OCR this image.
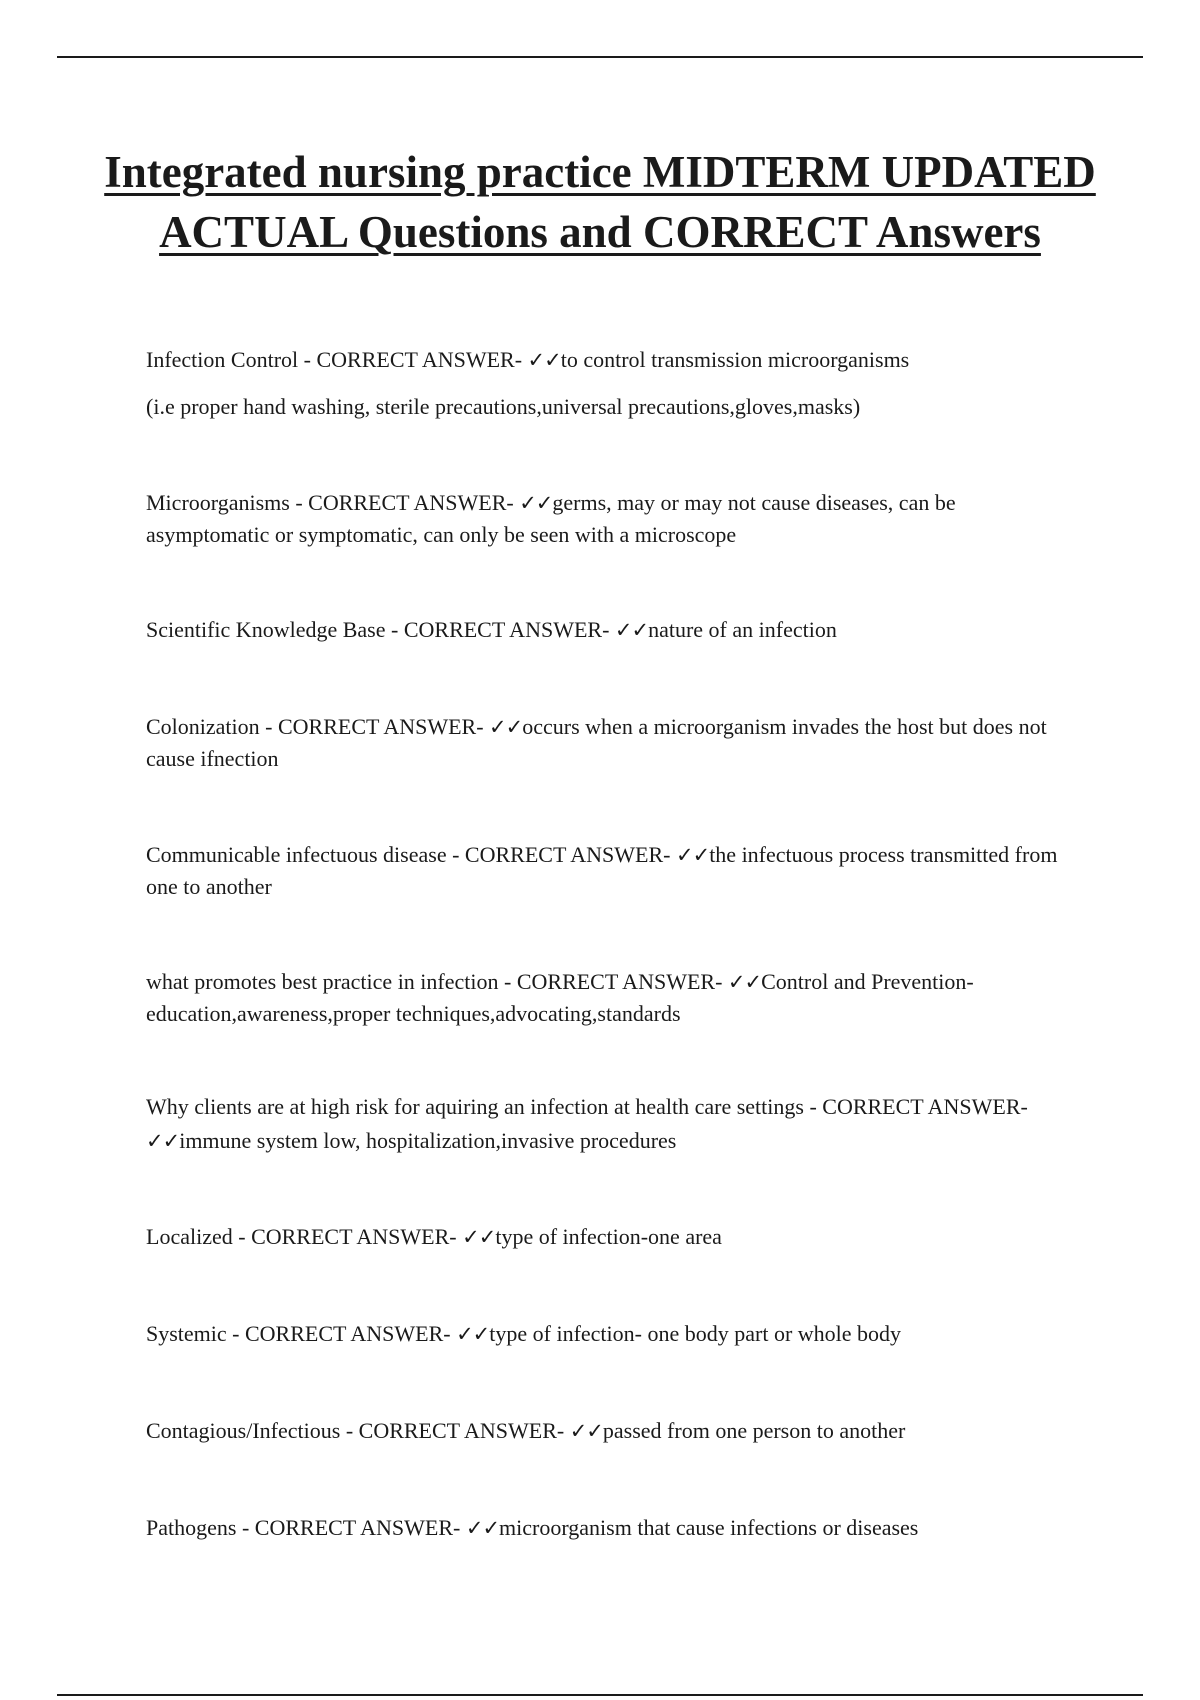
Integrated nursing practice MIDTERM UPDATED ACTUAL Questions and CORRECT Answers

Infection Control - CORRECT ANSWER- ✓✓to control transmission microorganisms

(i.e proper hand washing, sterile precautions,universal precautions,gloves,masks)

Microorganisms - CORRECT ANSWER- ✓✓germs, may or may not cause diseases, can be asymptomatic or symptomatic, can only be seen with a microscope

Scientific Knowledge Base - CORRECT ANSWER- ✓✓nature of an infection

Colonization - CORRECT ANSWER- ✓✓occurs when a microorganism invades the host but does not cause ifnection

Communicable infectuous disease - CORRECT ANSWER- ✓✓the infectuous process transmitted from one to another

what promotes best practice in infection - CORRECT ANSWER- ✓✓Control and Prevention- education,awareness,proper techniques,advocating,standards

Why clients are at high risk for aquiring an infection at health care settings - CORRECT ANSWER- ✓✓immune system low, hospitalization,invasive procedures

Localized - CORRECT ANSWER- ✓✓type of infection-one area

Systemic - CORRECT ANSWER- ✓✓type of infection- one body part or whole body

Contagious/Infectious - CORRECT ANSWER- ✓✓passed from one person to another

Pathogens - CORRECT ANSWER- ✓✓microorganism that cause infections or diseases
